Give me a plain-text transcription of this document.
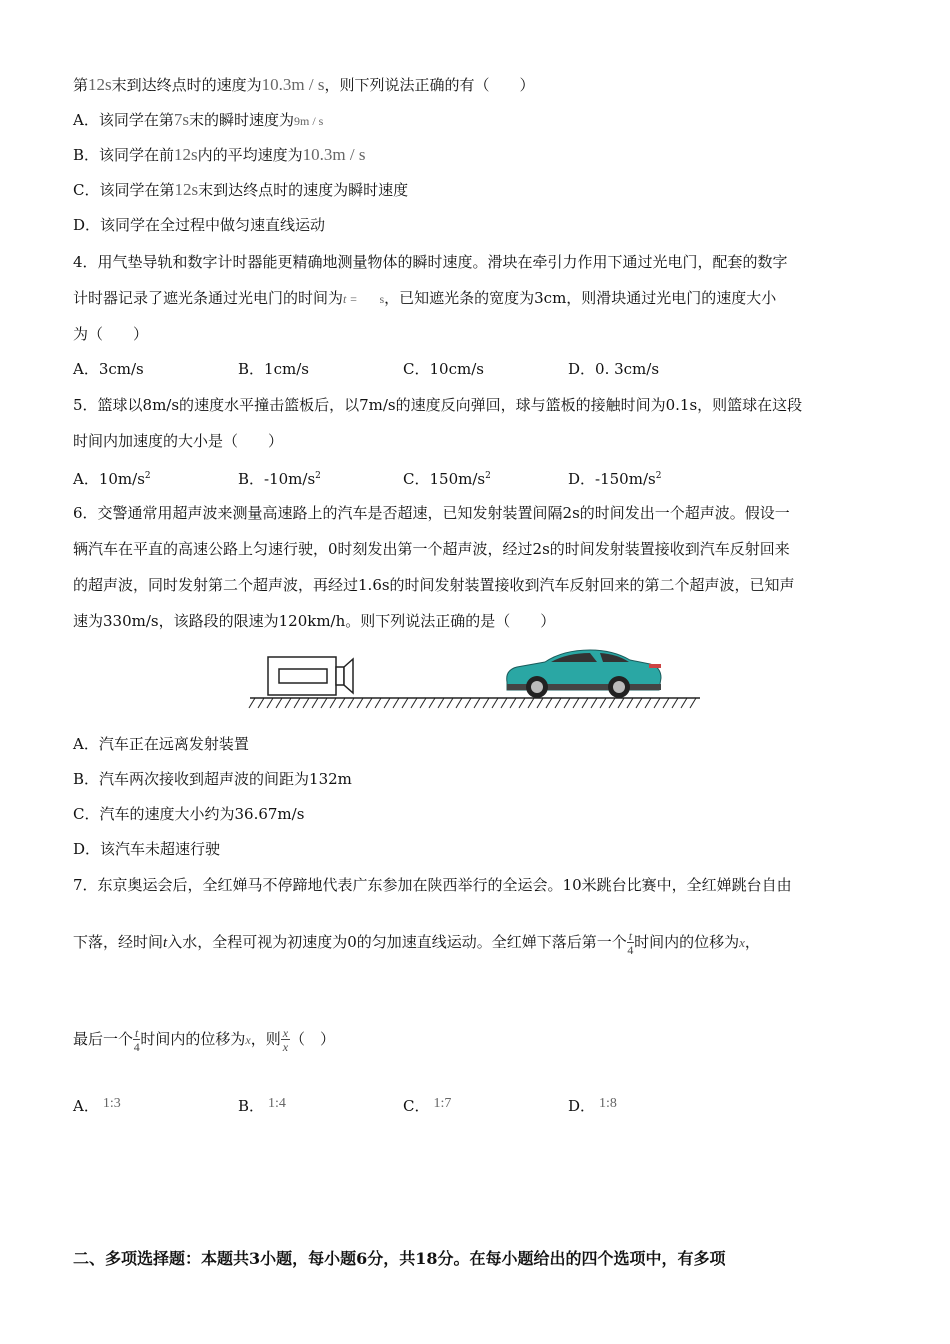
第12s末到达终点时的速度为10.3m / s，则下列说法正确的有（　　）
A．该同学在第7s末的瞬时速度为9m / s
B．该同学在前12s内的平均速度为10.3m / s
C．该同学在第12s末到达终点时的速度为瞬时速度
D．该同学在全过程中做匀速直线运动
4．用气垫导轨和数字计时器能更精确地测量物体的瞬时速度。滑块在牵引力作用下通过光电门，配套的数字
计时器记录了遮光条通过光电门的时间为t = s，已知遮光条的宽度为3cm，则滑块通过光电门的速度大小
为（　　）
A．3cm/s	B．1cm/s	C．10cm/s	D．0. 3cm/s
5．篮球以8m/s的速度水平撞击篮板后，以7m/s的速度反向弹回，球与篮板的接触时间为0.1s，则篮球在这段
时间内加速度的大小是（　　）
A．$10m/s^2$	B．$-10m/s^2$	C．$150m/s^2$	D．$-150m/s^2$
6．交警通常用超声波来测量高速路上的汽车是否超速，已知发射装置间隔2s的时间发出一个超声波。假设一
辆汽车在平直的高速公路上匀速行驶，0时刻发出第一个超声波，经过2s的时间发射装置接收到汽车反射回来
的超声波，同时发射第二个超声波，再经过1.6s的时间发射装置接收到汽车反射回来的第二个超声波，已知声
速为330m/s，该路段的限速为120km/h。则下列说法正确的是（　　）
A．汽车正在远离发射装置
B．汽车两次接收到超声波的间距为132m
C．汽车的速度大小约为36.67m/s
D．该汽车未超速行驶
7．东京奥运会后，全红婵马不停蹄地代表广东参加在陕西举行的全运会。10米跳台比赛中，全红婵跳台自由
下落，经时间t入水，全程可视为初速度为0的匀加速直线运动。全红婵下落后第一个 $\frac{t}{4}$ 时间内的位移为x，
最后一个 $\frac{t}{4}$ 时间内的位移为x，则 $\frac{x}{x}$ （　）
A． 1:3	B． 1:4	C． 1:7	D． 1:8
二、多项选择题：本题共3小题，每小题6分，共18分。在每小题给出的四个选项中，有多项
